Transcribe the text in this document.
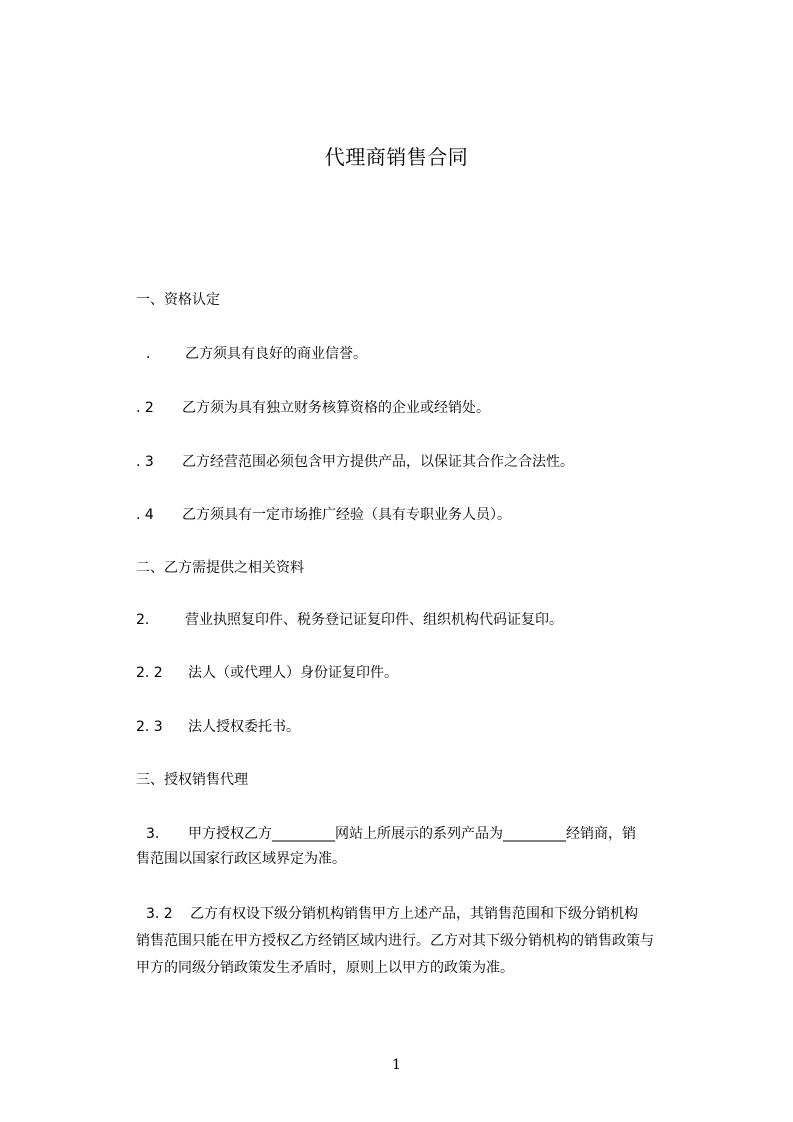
代理商销售合同

一、资格认定

.

乙方须具有良好的商业信誉。

. 2

乙方须为具有独立财务核算资格的企业或经销处。

. 3

乙方经营范围必须包含甲方提供产品，以保证其合作之合法性。

. 4

乙方须具有一定市场推广经验（具有专职业务人员）。

二、乙方需提供之相关资料

2.

	营业执照复印件、税务登记证复印件、组织机构代码证复印。

2. 2

法人（或代理人）身份证复印件。

2. 3

法人授权委托书。

三、授权销售代理

3.

甲方授权乙方_________网站上所展示的系列产品为_________经销商，销

售范围以国家行政区域界定为准。

3. 2

乙方有权设下级分销机构销售甲方上述产品，其销售范围和下级分销机构

销售范围只能在甲方授权乙方经销区域内进行。乙方对其下级分销机构的销售政策与

甲方的同级分销政策发生矛盾时，原则上以甲方的政策为准。

1
